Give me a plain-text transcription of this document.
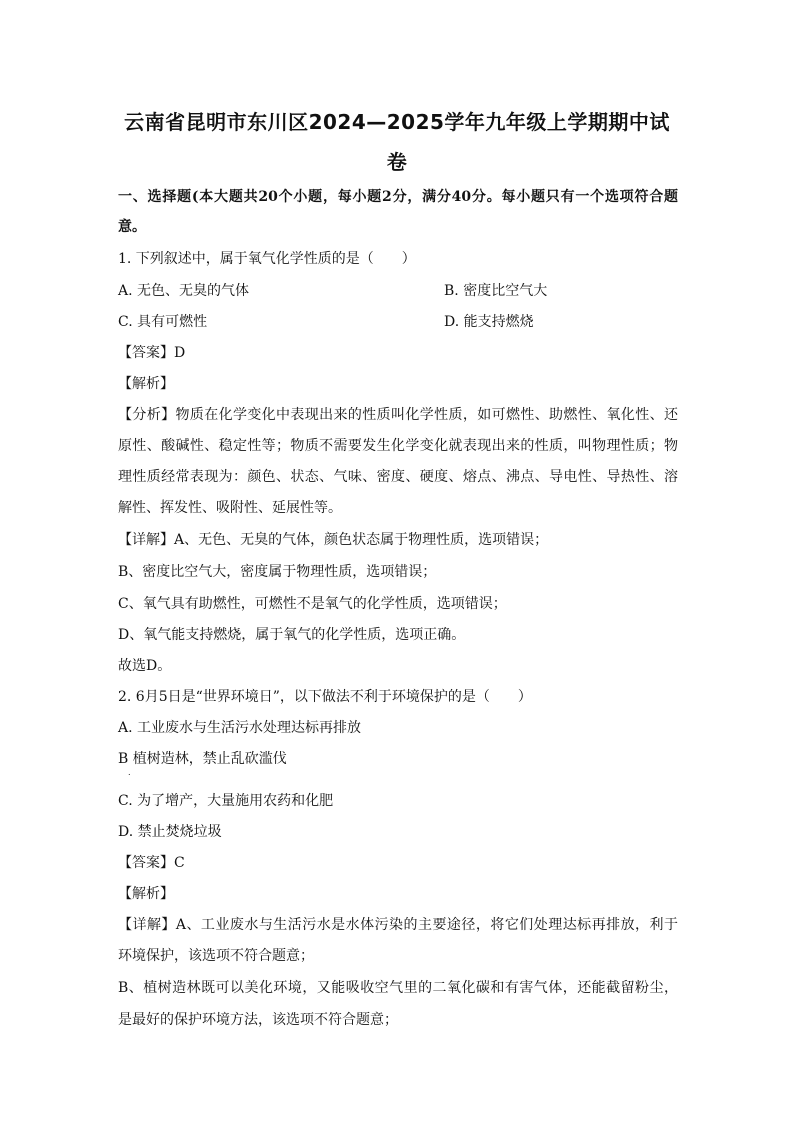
云南省昆明市东川区2024—2025学年九年级上学期期中试
卷
一、选择题(本大题共20个小题，每小题2分，满分40分。每小题只有一个选项符合题
意。
1. 下列叙述中，属于氧气化学性质的是（　　）
A. 无色、无臭的气体	B. 密度比空气大
C. 具有可燃性	D. 能支持燃烧
【答案】D
【解析】
【分析】物质在化学变化中表现出来的性质叫化学性质，如可燃性、助燃性、氧化性、还
原性、酸碱性、稳定性等；物质不需要发生化学变化就表现出来的性质，叫物理性质；物
理性质经常表现为：颜色、状态、气味、密度、硬度、熔点、沸点、导电性、导热性、溶
解性、挥发性、吸附性、延展性等。
【详解】A、无色、无臭的气体，颜色状态属于物理性质，选项错误；
B、密度比空气大，密度属于物理性质，选项错误；
C、氧气具有助燃性，可燃性不是氧气的化学性质，选项错误；
D、氧气能支持燃烧，属于氧气的化学性质，选项正确。
故选D。
2. 6月5日是“世界环境日”，以下做法不利于环境保护的是（　　）
A. 工业废水与生活污水处理达标再排放
B 植树造林，禁止乱砍滥伐
.
C. 为了增产，大量施用农药和化肥
D. 禁止焚烧垃圾
【答案】C
【解析】
【详解】A、工业废水与生活污水是水体污染的主要途径，将它们处理达标再排放，利于
环境保护，该选项不符合题意；
B、植树造林既可以美化环境，又能吸收空气里的二氧化碳和有害气体，还能截留粉尘，
是最好的保护环境方法，该选项不符合题意；
